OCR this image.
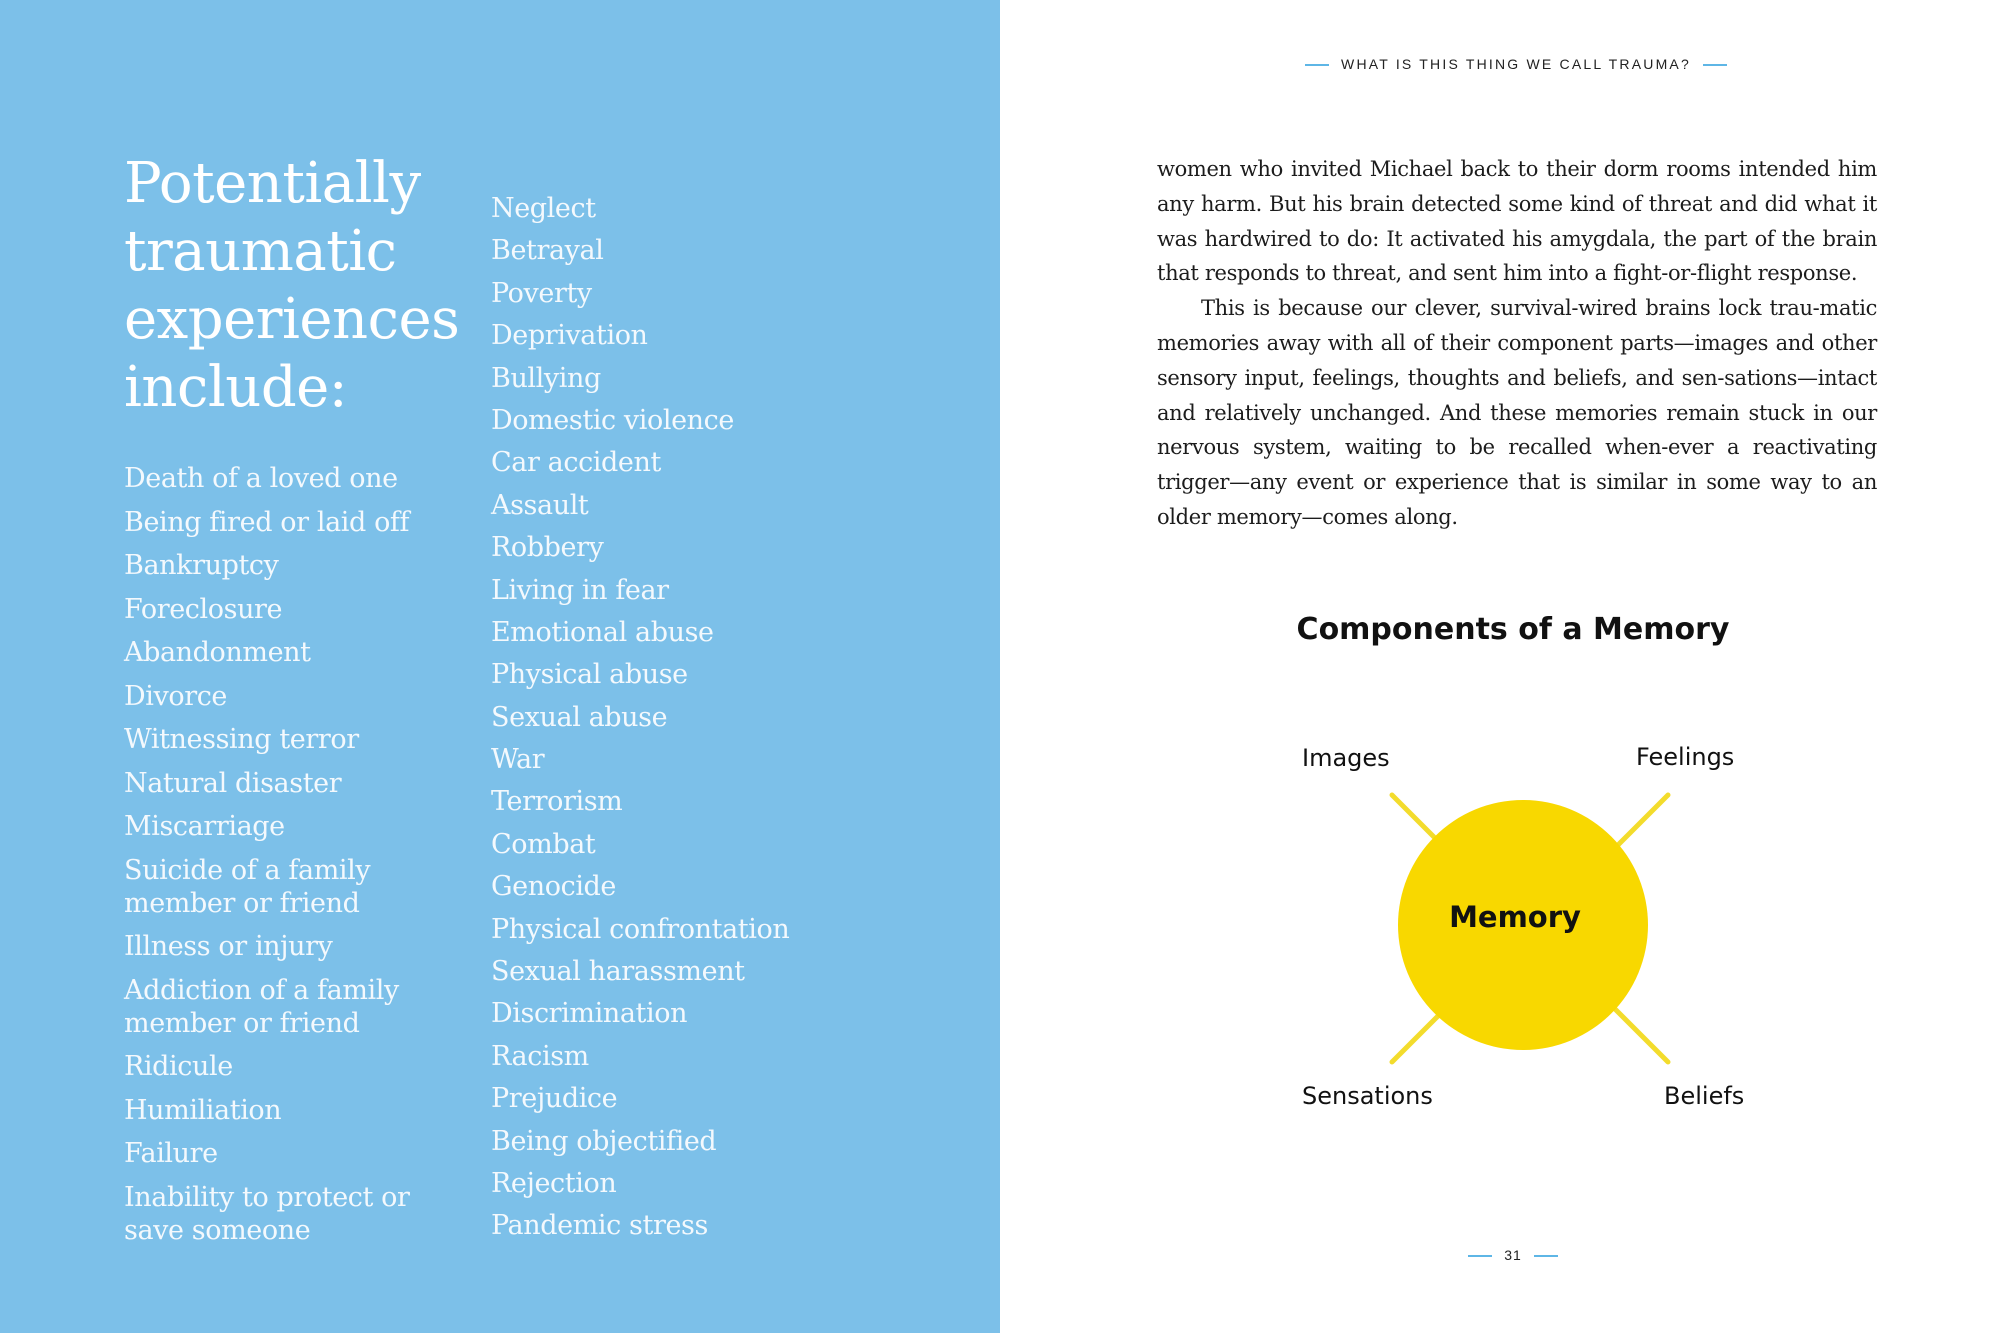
Potentially traumatic experiences include:
Death of a loved one
Being fired or laid off
Bankruptcy
Foreclosure
Abandonment
Divorce
Witnessing terror
Natural disaster
Miscarriage
Suicide of a family member or friend
Illness or injury
Addiction of a family member or friend
Ridicule
Humiliation
Failure
Inability to protect or save someone
Neglect
Betrayal
Poverty
Deprivation
Bullying
Domestic violence
Car accident
Assault
Robbery
Living in fear
Emotional abuse
Physical abuse
Sexual abuse
War
Terrorism
Combat
Genocide
Physical confrontation
Sexual harassment
Discrimination
Racism
Prejudice
Being objectified
Rejection
Pandemic stress
WHAT IS THIS THING WE CALL TRAUMA?

women who invited Michael back to their dorm rooms intended him any harm. But his brain detected some kind of threat and did what it was hardwired to do: It activated his amygdala, the part of the brain that responds to threat, and sent him into a fight-or-flight response.

This is because our clever, survival-wired brains lock trau-matic memories away with all of their component parts—images and other sensory input, feelings, thoughts and beliefs, and sen-sations—intact and relatively unchanged. And these memories remain stuck in our nervous system, waiting to be recalled when-ever a reactivating trigger—any event or experience that is similar in some way to an older memory—comes along.

Components of a Memory
Memory
Images	Feelings
Sensations	Beliefs
31
